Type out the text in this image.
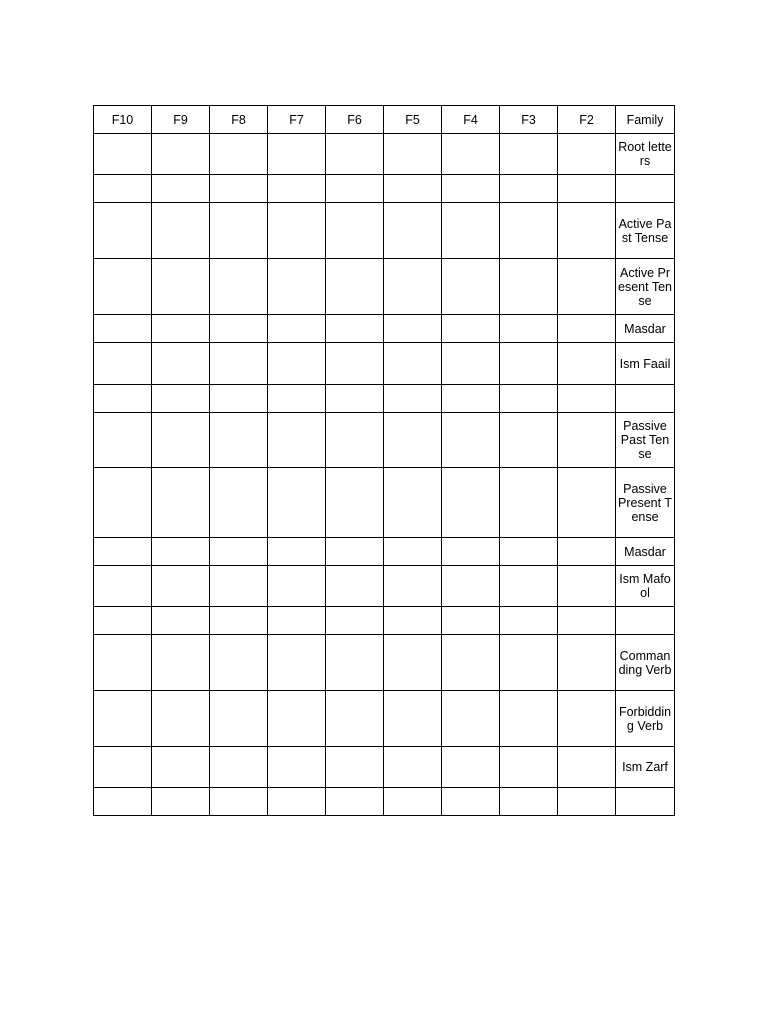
F10	F9	F8	F7	F6	F5	F4	F3	F2	Family
									Root letters

									Active Past Tense
									Active Present Tense
									Masdar
									Ism Faail

									Passive Past Tense
									Passive Present Tense
									Masdar
									Ism Mafool

									Commanding Verb
									Forbidding Verb
									Ism Zarf
